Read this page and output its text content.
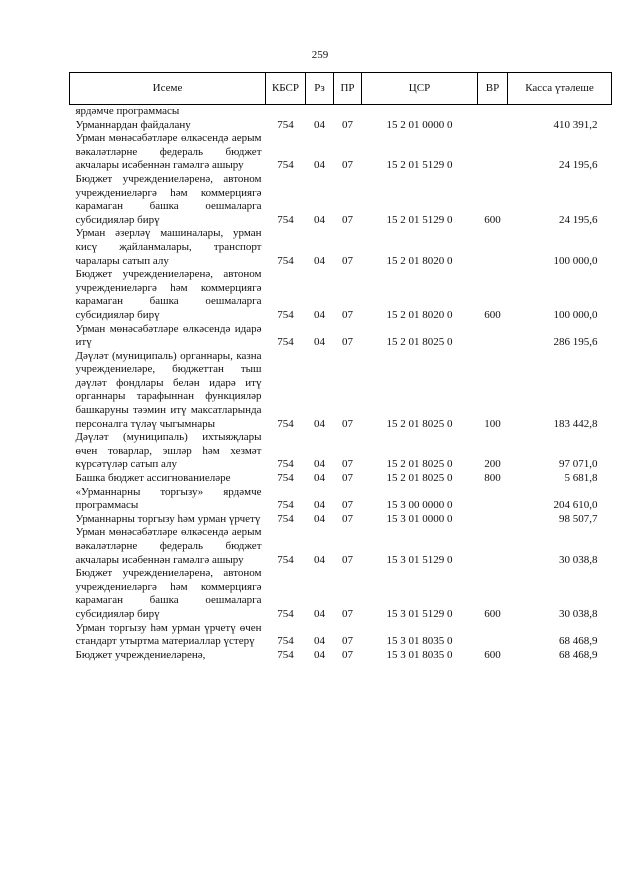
259
Исеме	КБСР	Рз	ПР	ЦСР	ВР	Касса үтәлеше
ярдәмче программасы						
Урманнардан файдалану	754	04	07	15 2 01 0000 0		410 391,2
Урман мөнәсәбәтләре өлкәсендә аерым вәкаләтләрне федераль бюджет акчалары исәбеннән гамәлгә ашыру	754	04	07	15 2 01 5129 0		24 195,6
Бюджет учреждениеләренә, автоном учреждениеләргә һәм коммерциягә карамаган башка оешмаларга субсидияләр бирү	754	04	07	15 2 01 5129 0	600	24 195,6
Урман әзерләү машиналары, урман кисү җайланмалары, транспорт чаралары сатып алу	754	04	07	15 2 01 8020 0		100 000,0
Бюджет учреждениеләренә, автоном учреждениеләргә һәм коммерциягә карамаган башка оешмаларга субсидияләр бирү	754	04	07	15 2 01 8020 0	600	100 000,0
Урман мөнәсәбәтләре өлкәсендә идарә итү	754	04	07	15 2 01 8025 0		286 195,6
Дәүләт (муниципаль) органнары, казна учреждениеләре, бюджеттан тыш дәүләт фондлары белән идарә итү органнары тарафыннан функцияләр башкаруны тәэмин итү максатларында персоналга түләү чыгымнары	754	04	07	15 2 01 8025 0	100	183 442,8
Дәүләт (муниципаль) ихтыяҗлары өчен товарлар, эшләр һәм хезмәт күрсәтүләр сатып алу	754	04	07	15 2 01 8025 0	200	97 071,0
Башка бюджет ассигнованиеләре	754	04	07	15 2 01 8025 0	800	5 681,8
«Урманнарны торгызу» ярдәмче программасы	754	04	07	15 3 00 0000 0		204 610,0
Урманнарны торгызу һәм урман үрчетү	754	04	07	15 3 01 0000 0		98 507,7
Урман мөнәсәбәтләре өлкәсендә аерым вәкаләтләрне федераль бюджет акчалары исәбеннән гамәлгә ашыру	754	04	07	15 3 01 5129 0		30 038,8
Бюджет учреждениеләренә, автоном учреждениеләргә һәм коммерциягә карамаган башка оешмаларга субсидияләр бирү	754	04	07	15 3 01 5129 0	600	30 038,8
Урман торгызу һәм урман үрчетү өчен стандарт утыртма материаллар үстерү	754	04	07	15 3 01 8035 0		68 468,9
Бюджет учреждениеләренә,	754	04	07	15 3 01 8035 0	600	68 468,9
